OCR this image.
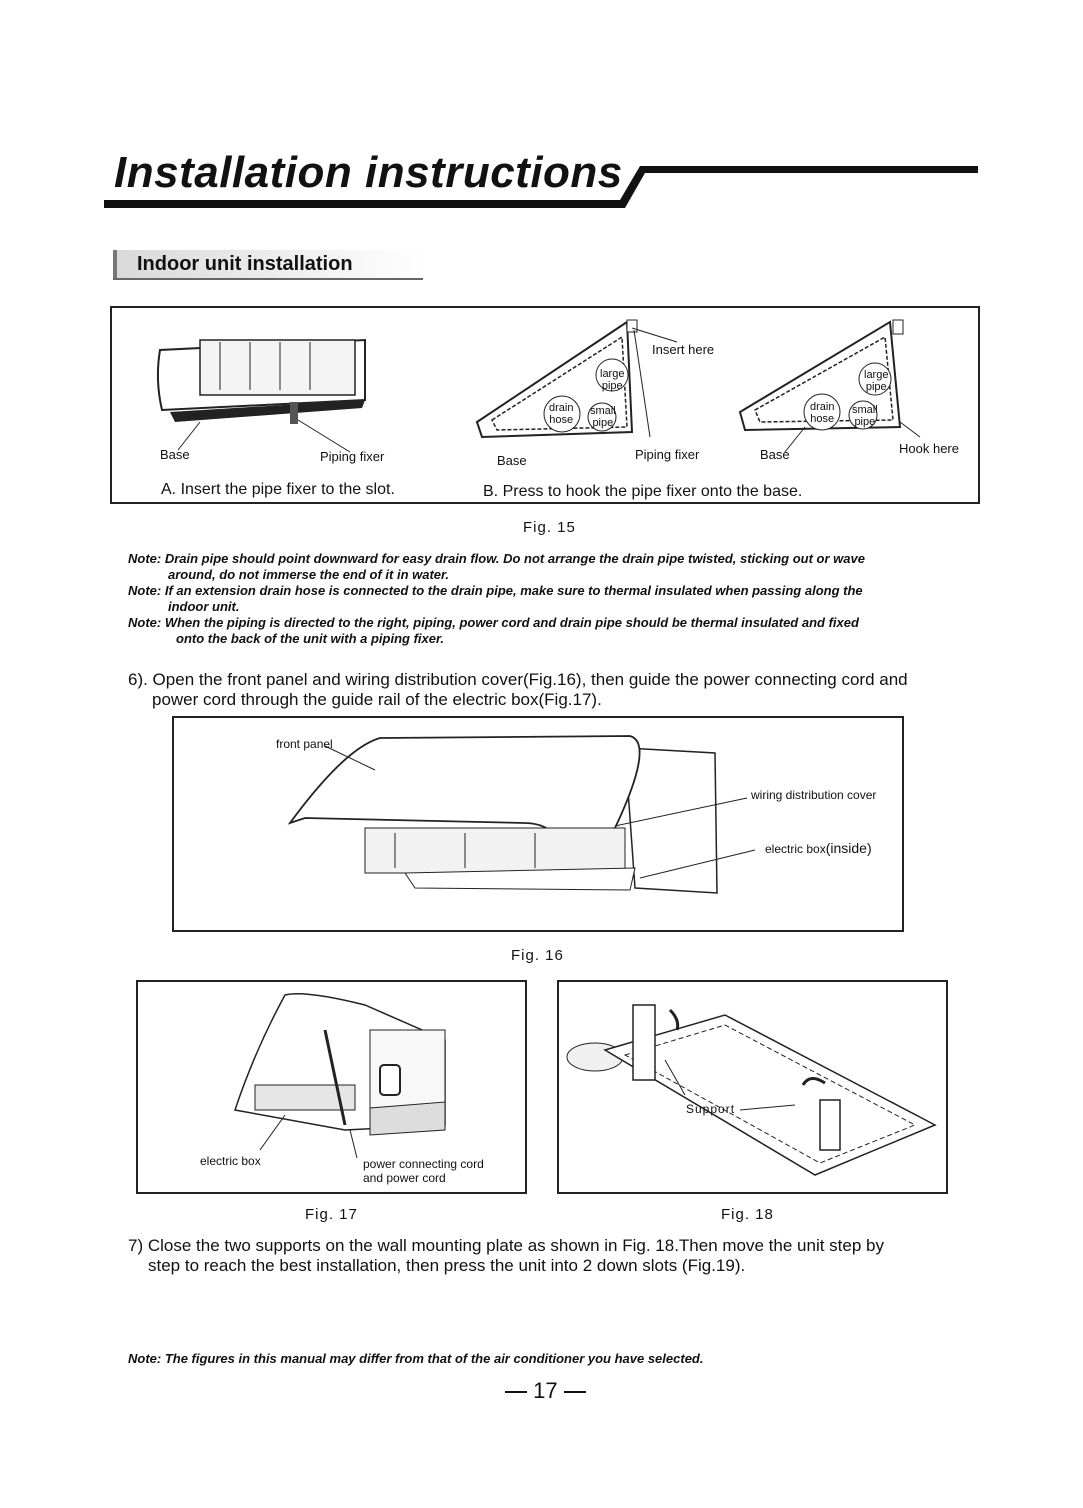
Installation instructions
Indoor unit installation
Base	Piping fixer
A. Insert the pipe fixer to the slot.
large
pipe
drain
hose
small
pipe
Insert here
Base	Piping fixer
large
pipe
drain
hose
small
pipe
Base	Hook here
B. Press to hook the pipe fixer onto the base.
Fig. 15
Note: Drain pipe should point downward for easy drain flow. Do not arrange the drain pipe twisted, sticking out or wave
around, do not immerse the end of it in water.
Note: If an extension drain hose is connected to the drain pipe, make sure to thermal insulated when passing along the
indoor unit.
Note: When the piping is directed to the right, piping, power cord and drain pipe should be thermal insulated and fixed
onto the back of the unit with a piping fixer.
6). Open the front panel and wiring distribution cover(Fig.16), then guide the power connecting cord and
power cord through the guide rail of the electric box(Fig.17).
front panel
wiring distribution cover
electric box(inside)
Fig. 16
electric box	power connecting cord
and power cord
Fig. 17
Support
Fig. 18
7) Close the two supports on the wall mounting plate as shown in Fig. 18.Then move the unit step by
step to reach the best installation, then press the unit into 2 down slots (Fig.19).
Note: The figures in this manual may differ from that of the air conditioner you have selected.
17
